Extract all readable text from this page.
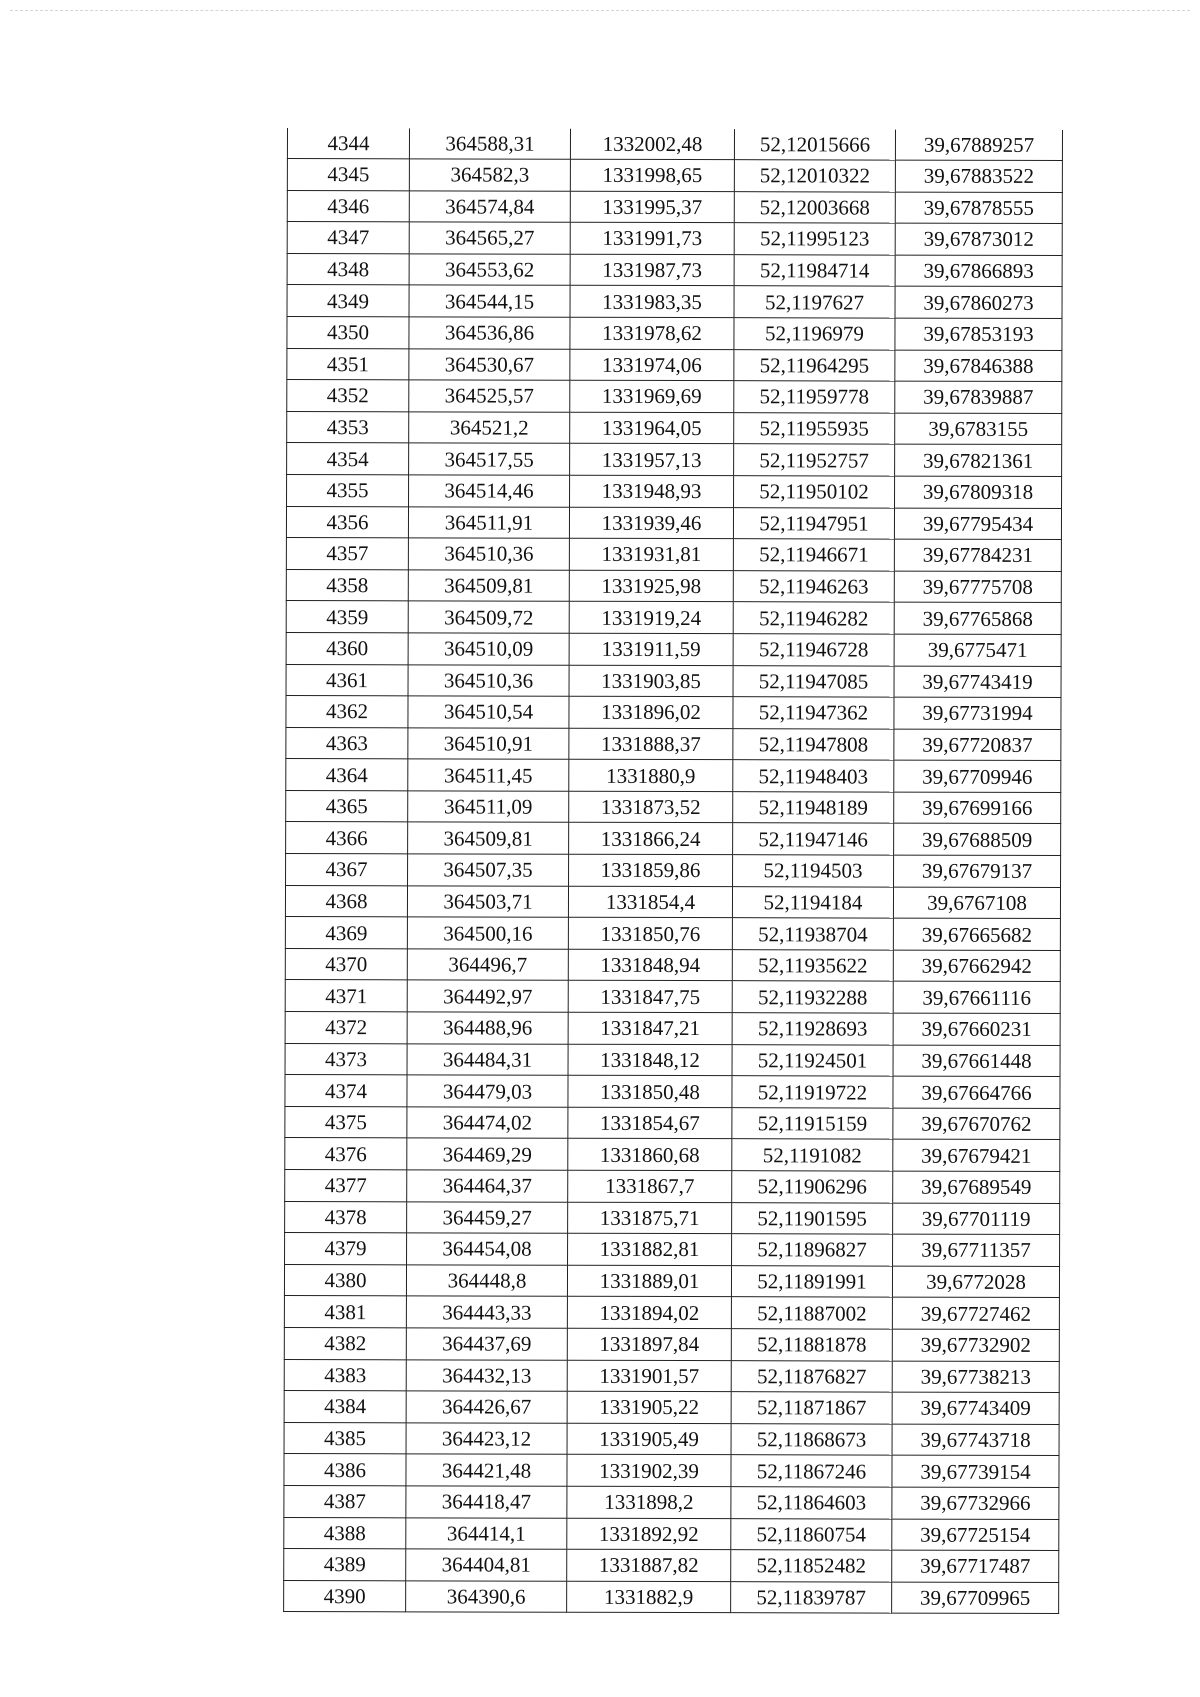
4344	364588,31	1332002,48	52,12015666	39,67889257
4345	364582,3	1331998,65	52,12010322	39,67883522
4346	364574,84	1331995,37	52,12003668	39,67878555
4347	364565,27	1331991,73	52,11995123	39,67873012
4348	364553,62	1331987,73	52,11984714	39,67866893
4349	364544,15	1331983,35	52,1197627	39,67860273
4350	364536,86	1331978,62	52,1196979	39,67853193
4351	364530,67	1331974,06	52,11964295	39,67846388
4352	364525,57	1331969,69	52,11959778	39,67839887
4353	364521,2	1331964,05	52,11955935	39,6783155
4354	364517,55	1331957,13	52,11952757	39,67821361
4355	364514,46	1331948,93	52,11950102	39,67809318
4356	364511,91	1331939,46	52,11947951	39,67795434
4357	364510,36	1331931,81	52,11946671	39,67784231
4358	364509,81	1331925,98	52,11946263	39,67775708
4359	364509,72	1331919,24	52,11946282	39,67765868
4360	364510,09	1331911,59	52,11946728	39,6775471
4361	364510,36	1331903,85	52,11947085	39,67743419
4362	364510,54	1331896,02	52,11947362	39,67731994
4363	364510,91	1331888,37	52,11947808	39,67720837
4364	364511,45	1331880,9	52,11948403	39,67709946
4365	364511,09	1331873,52	52,11948189	39,67699166
4366	364509,81	1331866,24	52,11947146	39,67688509
4367	364507,35	1331859,86	52,1194503	39,67679137
4368	364503,71	1331854,4	52,1194184	39,6767108
4369	364500,16	1331850,76	52,11938704	39,67665682
4370	364496,7	1331848,94	52,11935622	39,67662942
4371	364492,97	1331847,75	52,11932288	39,67661116
4372	364488,96	1331847,21	52,11928693	39,67660231
4373	364484,31	1331848,12	52,11924501	39,67661448
4374	364479,03	1331850,48	52,11919722	39,67664766
4375	364474,02	1331854,67	52,11915159	39,67670762
4376	364469,29	1331860,68	52,1191082	39,67679421
4377	364464,37	1331867,7	52,11906296	39,67689549
4378	364459,27	1331875,71	52,11901595	39,67701119
4379	364454,08	1331882,81	52,11896827	39,67711357
4380	364448,8	1331889,01	52,11891991	39,6772028
4381	364443,33	1331894,02	52,11887002	39,67727462
4382	364437,69	1331897,84	52,11881878	39,67732902
4383	364432,13	1331901,57	52,11876827	39,67738213
4384	364426,67	1331905,22	52,11871867	39,67743409
4385	364423,12	1331905,49	52,11868673	39,67743718
4386	364421,48	1331902,39	52,11867246	39,67739154
4387	364418,47	1331898,2	52,11864603	39,67732966
4388	364414,1	1331892,92	52,11860754	39,67725154
4389	364404,81	1331887,82	52,11852482	39,67717487
4390	364390,6	1331882,9	52,11839787	39,67709965
